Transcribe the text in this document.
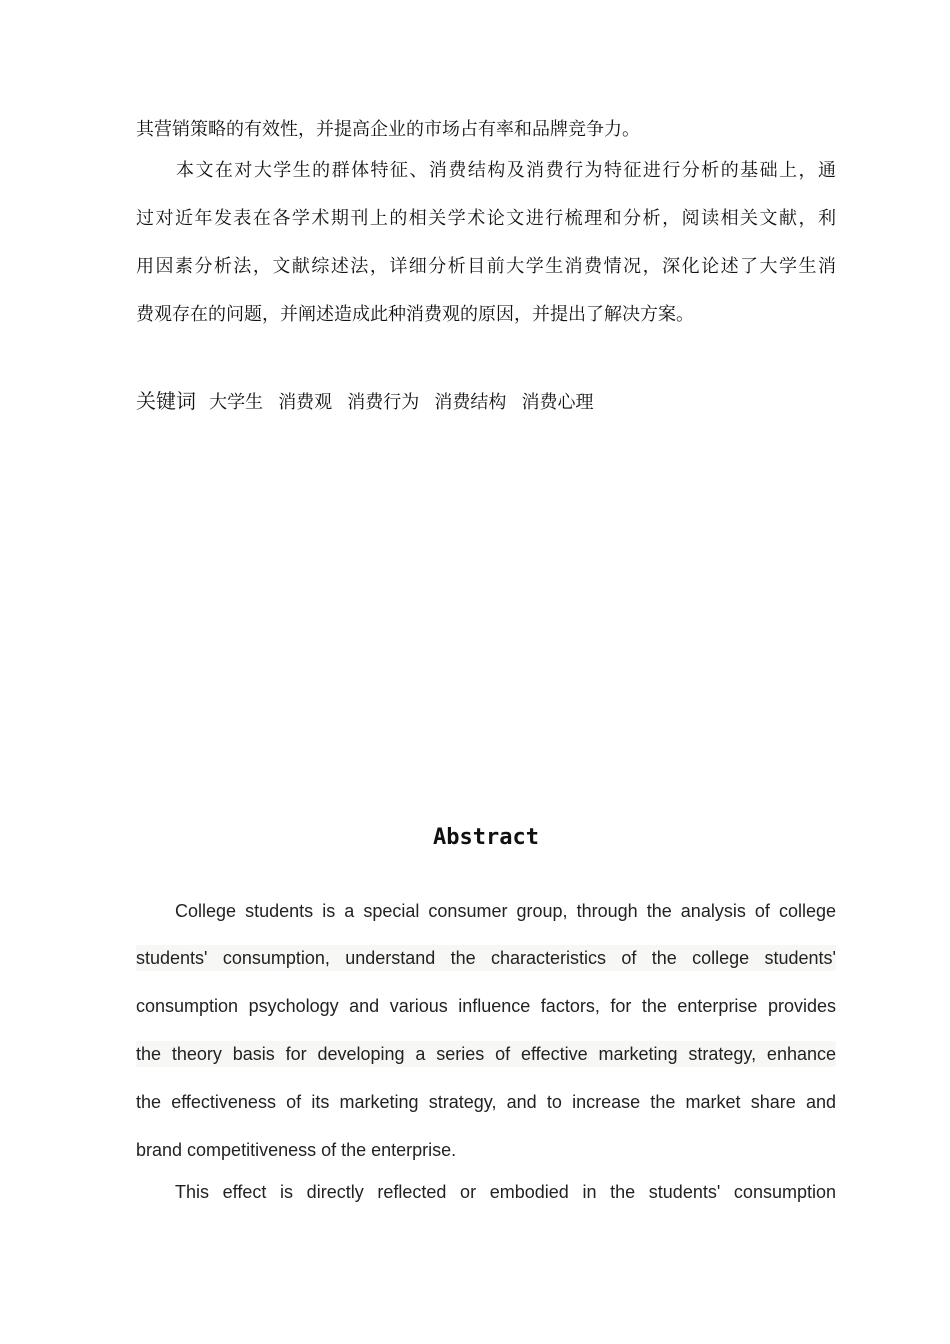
其营销策略的有效性，并提高企业的市场占有率和品牌竞争力。
本文在对大学生的群体特征、消费结构及消费行为特征进行分析的基础上，通
过对近年发表在各学术期刊上的相关学术论文进行梳理和分析，阅读相关文献，利
用因素分析法，文献综述法，详细分析目前大学生消费情况，深化论述了大学生消
费观存在的问题，并阐述造成此种消费观的原因，并提出了解决方案。
关键词 大学生 消费观 消费行为 消费结构 消费心理
Abstract
College students is a special consumer group, through the analysis of college
students' consumption, understand the characteristics of the college students'
consumption psychology and various influence factors, for the enterprise provides
the theory basis for developing a series of effective marketing strategy, enhance
the effectiveness of its marketing strategy, and to increase the market share and
brand competitiveness of the enterprise.
This effect is directly reflected or embodied in the students' consumption
